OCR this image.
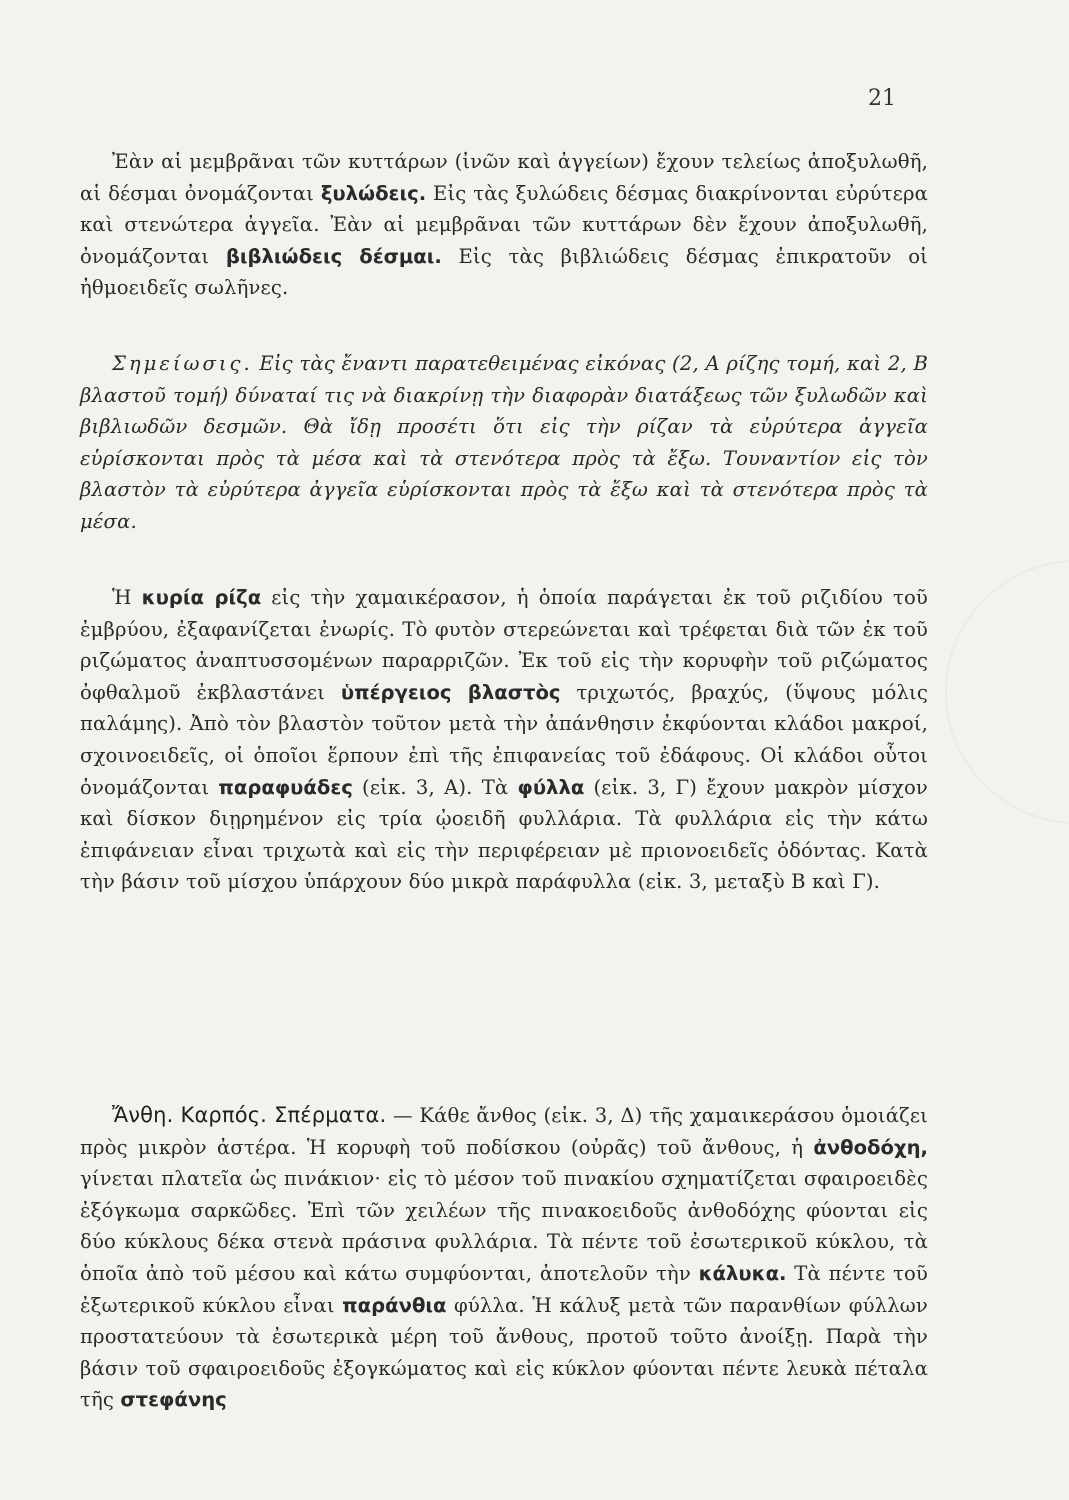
21

Ἐὰν αἱ μεμβρᾶναι τῶν κυττάρων (ἰνῶν καὶ ἀγγείων) ἔχουν τελείως ἀποξυλωθῆ, αἱ δέσμαι ὀνομάζονται ξυλώδεις. Εἰς τὰς ξυλώδεις δέσμας διακρίνονται εὐρύτερα καὶ στενώτερα ἀγγεῖα. Ἐὰν αἱ μεμβρᾶναι τῶν κυττάρων δὲν ἔχουν ἀποξυλωθῆ, ὀνομάζονται βιβλιώδεις δέσμαι. Εἰς τὰς βιβλιώδεις δέσμας ἐπικρατοῦν οἱ ἠθμοειδεῖς σωλῆνες.

Σημείωσις. Εἰς τὰς ἔναντι παρατεθειμένας εἰκόνας (2, Α ρίζης τομή, καὶ 2, Β βλαστοῦ τομή) δύναταί τις νὰ διακρίνῃ τὴν διαφορὰν διατάξεως τῶν ξυλωδῶν καὶ βιβλιωδῶν δεσμῶν. Θὰ ἴδῃ προσέτι ὅτι εἰς τὴν ρίζαν τὰ εὐρύτερα ἀγγεῖα εὑρίσκονται πρὸς τὰ μέσα καὶ τὰ στενότερα πρὸς τὰ ἔξω. Τουναντίον εἰς τὸν βλαστὸν τὰ εὐρύτερα ἀγγεῖα εὑρίσκονται πρὸς τὰ ἔξω καὶ τὰ στενότερα πρὸς τὰ μέσα.

Ἡ κυρία ρίζα εἰς τὴν χαμαικέρασον, ἡ ὁποία παράγεται ἐκ τοῦ ριζιδίου τοῦ ἐμβρύου, ἐξαφανίζεται ἐνωρίς. Τὸ φυτὸν στερεώνεται καὶ τρέφεται διὰ τῶν ἐκ τοῦ ριζώματος ἀναπτυσσομένων παραρριζῶν. Ἐκ τοῦ εἰς τὴν κορυφὴν τοῦ ριζώματος ὀφθαλμοῦ ἐκβλαστάνει ὑπέργειος βλαστὸς τριχωτός, βραχύς, (ὕψους μόλις παλάμης). Ἀπὸ τὸν βλαστὸν τοῦτον μετὰ τὴν ἀπάνθησιν ἐκφύονται κλάδοι μακροί, σχοινοειδεῖς, οἱ ὁποῖοι ἕρπουν ἐπὶ τῆς ἐπιφανείας τοῦ ἐδάφους. Οἱ κλάδοι οὗτοι ὀνομάζονται παραφυάδες (εἰκ. 3, Α). Τὰ φύλλα (εἰκ. 3, Γ) ἔχουν μακρὸν μίσχον καὶ δίσκον διῃρημένον εἰς τρία ᾠοειδῆ φυλλάρια. Τὰ φυλλάρια εἰς τὴν κάτω ἐπιφάνειαν εἶναι τριχωτὰ καὶ εἰς τὴν περιφέρειαν μὲ πριονοειδεῖς ὀδόντας. Κατὰ τὴν βάσιν τοῦ μίσχου ὑπάρχουν δύο μικρὰ παράφυλλα (εἰκ. 3, μεταξὺ Β καὶ Γ).

Ἄνθη. Καρπός. Σπέρματα. — Κάθε ἄνθος (εἰκ. 3, Δ) τῆς χαμαικεράσου ὁμοιάζει πρὸς μικρὸν ἀστέρα. Ἡ κορυφὴ τοῦ ποδίσκου (οὐρᾶς) τοῦ ἄνθους, ἡ ἀνθοδόχη, γίνεται πλατεῖα ὡς πινάκιον· εἰς τὸ μέσον τοῦ πινακίου σχηματίζεται σφαιροειδὲς ἐξόγκωμα σαρκῶδες. Ἐπὶ τῶν χειλέων τῆς πινακοειδοῦς ἀνθοδόχης φύονται εἰς δύο κύκλους δέκα στενὰ πράσινα φυλλάρια. Τὰ πέντε τοῦ ἐσωτερικοῦ κύκλου, τὰ ὁποῖα ἀπὸ τοῦ μέσου καὶ κάτω συμφύονται, ἀποτελοῦν τὴν κάλυκα. Τὰ πέντε τοῦ ἐξωτερικοῦ κύκλου εἶναι παράνθια φύλλα. Ἡ κάλυξ μετὰ τῶν παρανθίων φύλλων προστατεύουν τὰ ἐσωτερικὰ μέρη τοῦ ἄνθους, προτοῦ τοῦτο ἀνοίξῃ. Παρὰ τὴν βάσιν τοῦ σφαιροειδοῦς ἐξογκώματος καὶ εἰς κύκλον φύονται πέντε λευκὰ πέταλα τῆς στεφάνης
